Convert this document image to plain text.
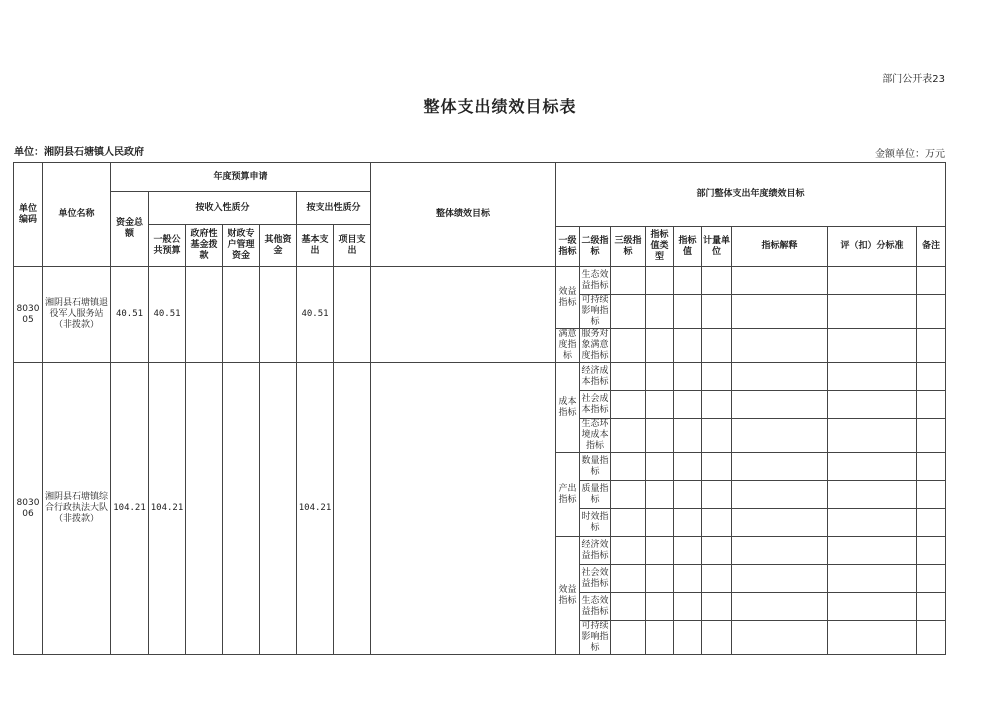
部门公开表23
整体支出绩效目标表
单位：湘阴县石塘镇人民政府	金额单位：万元
单位编码	单位名称	年度预算申请							整体绩效目标	部门整体支出年度绩效目标								
		资金总额	按收入性质分				按支出性质分											
			一般公共预算	政府性基金拨款	财政专户管理资金	其他资金	基本支出	项目支出										
										一级指标	二级指标	三级指标	指标值类型	指标值	计量单位	指标解释	评（扣）分标准	备注
803005	湘阴县石塘镇退役军人服务站（非拨款）	40.51	40.51				40.51			效益指标	生态效益指标							
											可持续影响指标							
										满意度指标	服务对象满意度指标							
803006	湘阴县石塘镇综合行政执法大队（非拨款）	104.21	104.21				104.21			成本指标	经济成本指标							
											社会成本指标							
											生态环境成本指标							
										产出指标	数量指标							
											质量指标							
											时效指标							
										效益指标	经济效益指标							
											社会效益指标							
											生态效益指标							
											可持续影响指标							
